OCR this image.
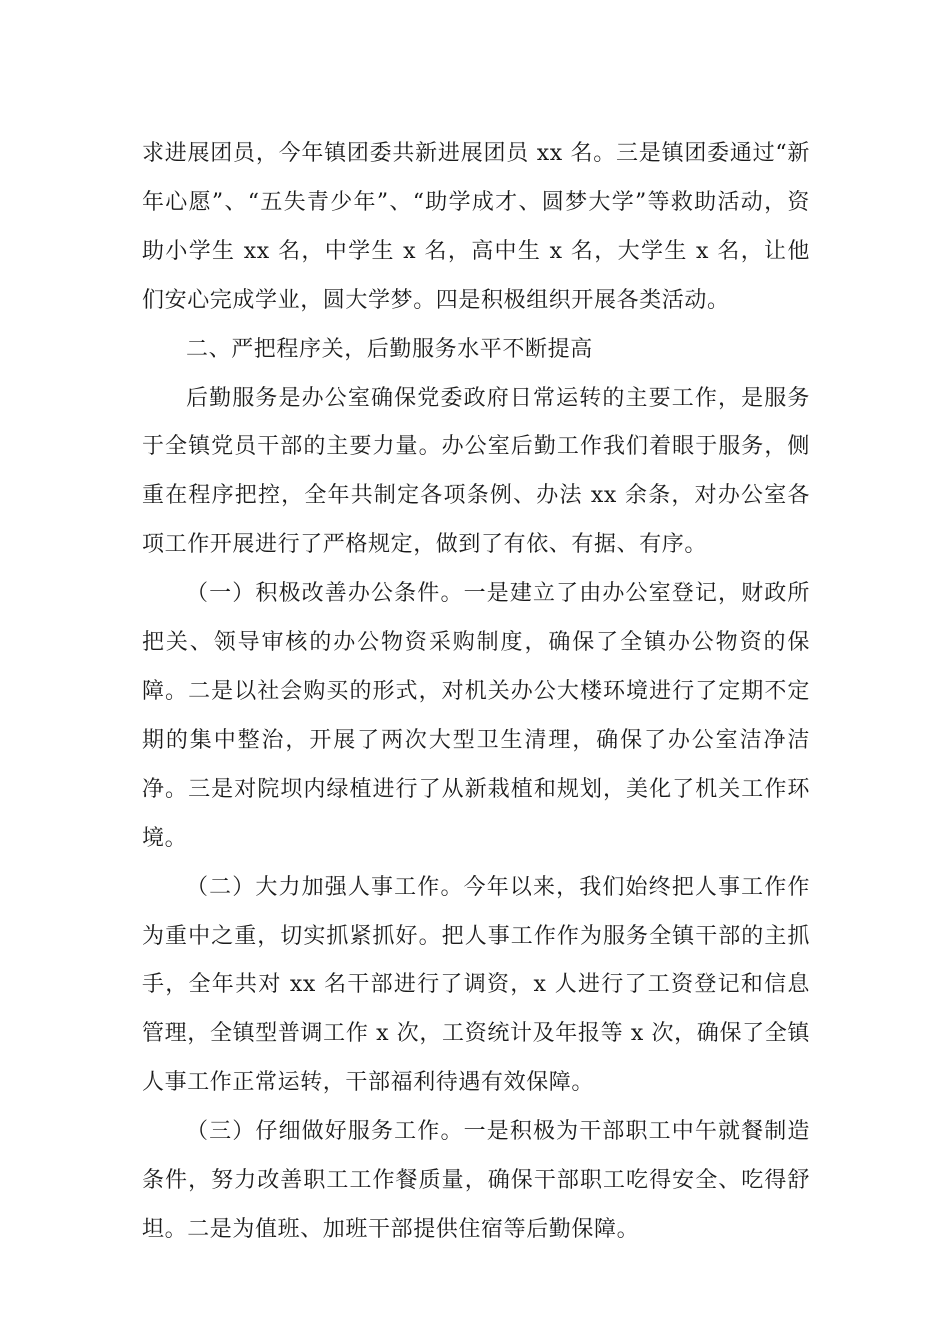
求进展团员，今年镇团委共新进展团员 xx 名。三是镇团委通过“新年心愿”、“五失青少年”、“助学成才、圆梦大学”等救助活动，资助小学生 xx 名，中学生 x 名，高中生 x 名，大学生 x 名，让他们安心完成学业，圆大学梦。四是积极组织开展各类活动。

二、严把程序关，后勤服务水平不断提高

后勤服务是办公室确保党委政府日常运转的主要工作，是服务于全镇党员干部的主要力量。办公室后勤工作我们着眼于服务，侧重在程序把控，全年共制定各项条例、办法 xx 余条，对办公室各项工作开展进行了严格规定，做到了有依、有据、有序。

（一）积极改善办公条件。一是建立了由办公室登记，财政所把关、领导审核的办公物资采购制度，确保了全镇办公物资的保障。二是以社会购买的形式，对机关办公大楼环境进行了定期不定期的集中整治，开展了两次大型卫生清理，确保了办公室洁净洁净。三是对院坝内绿植进行了从新栽植和规划，美化了机关工作环境。

（二）大力加强人事工作。今年以来，我们始终把人事工作作为重中之重，切实抓紧抓好。把人事工作作为服务全镇干部的主抓手，全年共对 xx 名干部进行了调资，x 人进行了工资登记和信息管理，全镇型普调工作 x 次，工资统计及年报等 x 次，确保了全镇人事工作正常运转，干部福利待遇有效保障。

（三）仔细做好服务工作。一是积极为干部职工中午就餐制造条件，努力改善职工工作餐质量，确保干部职工吃得安全、吃得舒坦。二是为值班、加班干部提供住宿等后勤保障。
